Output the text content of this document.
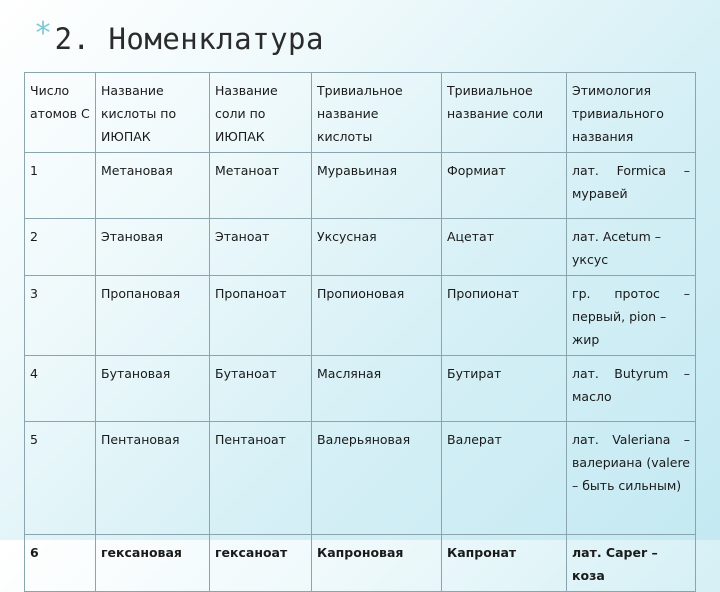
*2. Номенклатура
Число атомов С	Название кислоты по ИЮПАК	Название соли по ИЮПАК	Тривиальное название кислоты	Тривиальное название соли	Этимология тривиального названия
1	Метановая	Метаноат	Муравьиная	Формиат	лат. Formica –
муравей
2	Этановая	Этаноат	Уксусная	Ацетат	лат. Acetum – уксус
3	Пропановая	Пропаноат	Пропионовая	Пропионат	гр. протос –
первый, pion – жир
4	Бутановая	Бутаноат	Масляная	Бутират	лат. Butyrum –
масло
5	Пентановая	Пентаноат	Валерьяновая	Валерат	лат. Valeriana –
валериана (valere – быть сильным)

6	гексановая	гексаноат	Капроновая	Капронат	лат. Caper – коза
